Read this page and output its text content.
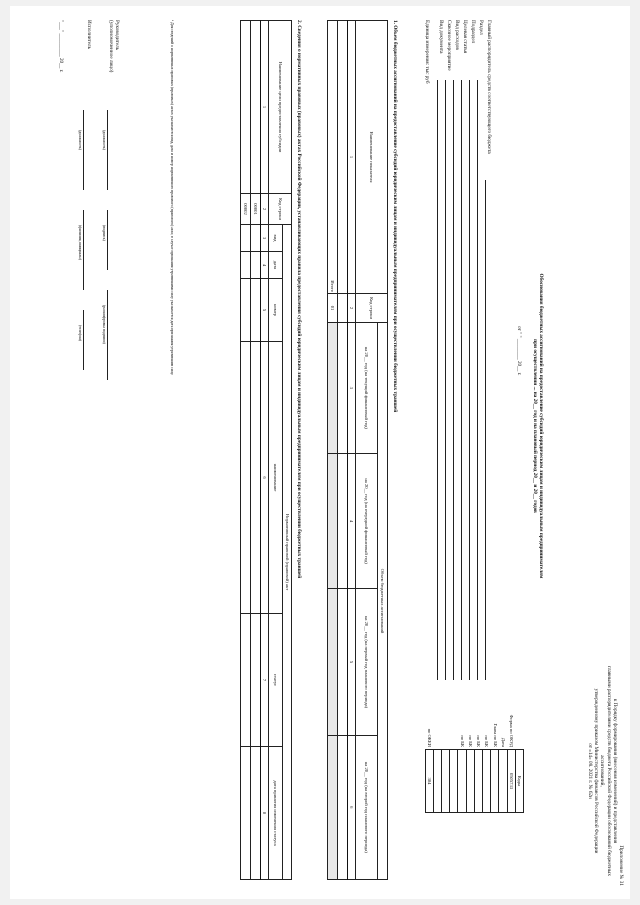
Приложение № 31
к Порядку формирования (внесения изменений) и представления
главными распорядителями средств бюджета Российской Федерации обоснований бюджетных ассигнований,
утвержденному приказом Министерства финансов Российской Федерации
от «14» 08. 2021 г. № 62н
Обоснования бюджетных ассигнований на предоставление субсидий юридическим лицам и индивидуальным предпринимателям
при осуществлении ... на 20__ год и на плановый период 20__ и 20__ годов
от " " ________ 20__ г.
	Коды
Форма по ОКУД	0505733
Дата	
Глава по БК	
по БК	
по БК	
по БК	
по БК	

по ОКЕИ	384
Главный распорядитель средств соответствующего бюджета
Раздел
Подраздел
Целевая статья
Вид расходов
Сквозное мероприятие
Вид документа
Единица измерения: тыс руб
1. Объем бюджетных ассигнований на предоставление субсидий юридическим лицам и индивидуальным предпринимателям при осуществлении бюджетных траншей
Наименование показателя	Код строки	Объем бюджетных ассигнований			
		на 20__ год (на текущий финансовый год)	на 20__ год (на очередной финансовый год)	на 20__ год (на первый год планового периода)	на 20__ год (на второй год планового периода)
1	2	3	4	5	6

Итого	01				
2. Сведения о нормативных правовых (правовых) актах Российской Федерации, устанавливающих правила предоставления субсидий юридическим лицам и индивидуальным предпринимателям при осуществлении бюджетных траншей
Наименование цели предоставления субсидии	Код строки	Нормативный правовой (правовой) акт					
		вид	дата	номер	наименование	статус	дата принятия изменения статуса
1	2	3	4	5	6	7	8
	00001						
	00002						
¹ Для сведений о нормативных правовых (правовых) актах указываются вид, дата и номер нормативного правового (правового) акта; в случае признания утратившими силу указывается дата признания утратившим силу.
Руководитель
(уполномоченное лицо)
(должность)
(подпись)
(расшифровка подписи)
Исполнитель
(должность)
(фамилия, инициалы)
(телефон)
"___" _________ 20__ г.
